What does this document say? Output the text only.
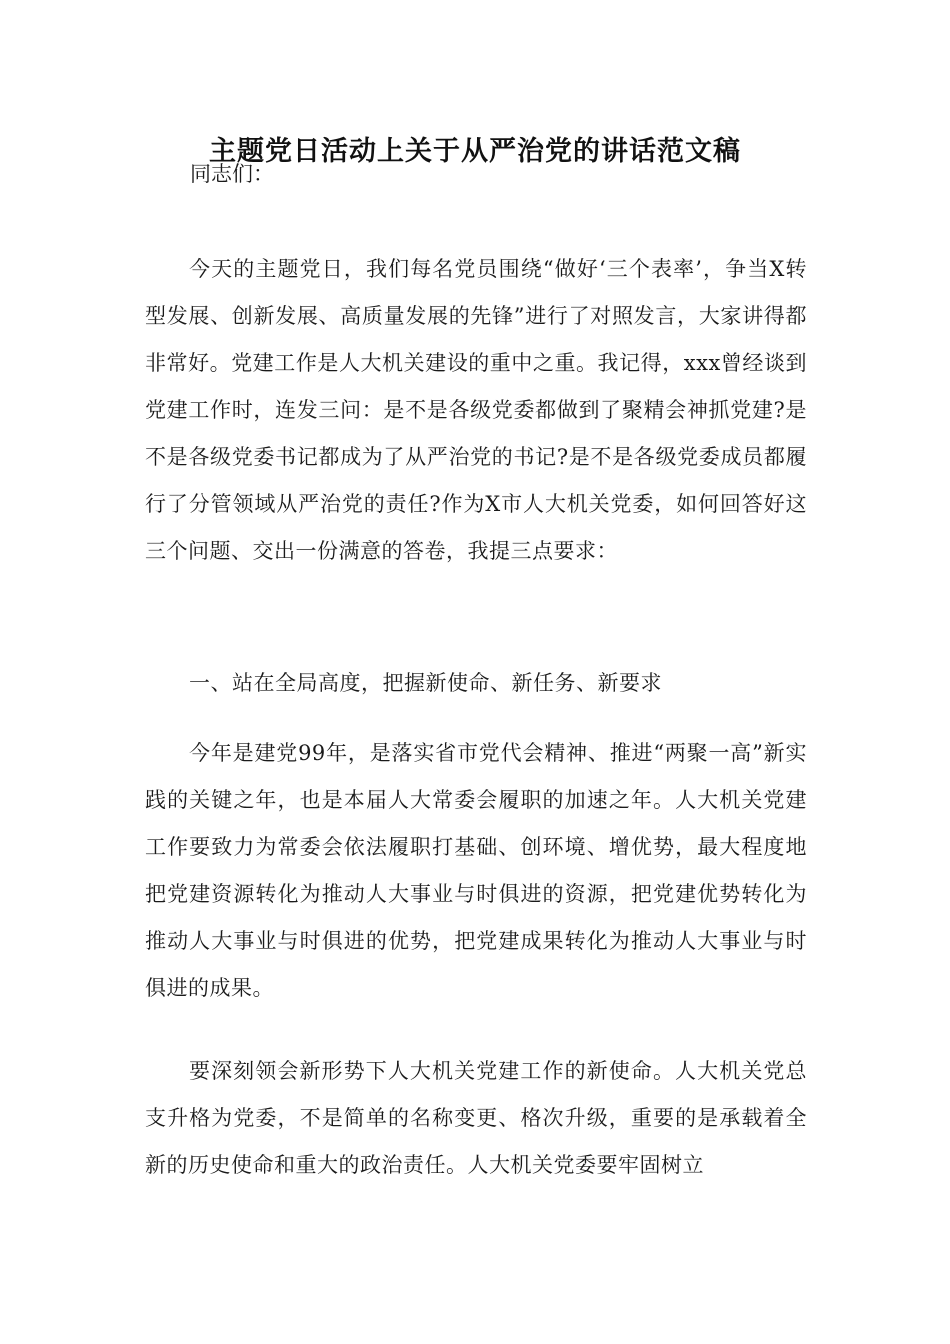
主题党日活动上关于从严治党的讲话范文稿

同志们：

今天的主题党日，我们每名党员围绕“做好‘三个表率’，争当X转型发展、创新发展、高质量发展的先锋”进行了对照发言，大家讲得都非常好。党建工作是人大机关建设的重中之重。我记得，xxx曾经谈到党建工作时，连发三问：是不是各级党委都做到了聚精会神抓党建?是不是各级党委书记都成为了从严治党的书记?是不是各级党委成员都履行了分管领域从严治党的责任?作为X市人大机关党委，如何回答好这三个问题、交出一份满意的答卷，我提三点要求：

一、站在全局高度，把握新使命、新任务、新要求

今年是建党99年，是落实省市党代会精神、推进“两聚一高”新实践的关键之年，也是本届人大常委会履职的加速之年。人大机关党建工作要致力为常委会依法履职打基础、创环境、增优势，最大程度地把党建资源转化为推动人大事业与时俱进的资源，把党建优势转化为推动人大事业与时俱进的优势，把党建成果转化为推动人大事业与时俱进的成果。

要深刻领会新形势下人大机关党建工作的新使命。人大机关党总支升格为党委，不是简单的名称变更、格次升级，重要的是承载着全新的历史使命和重大的政治责任。人大机关党委要牢固树立
